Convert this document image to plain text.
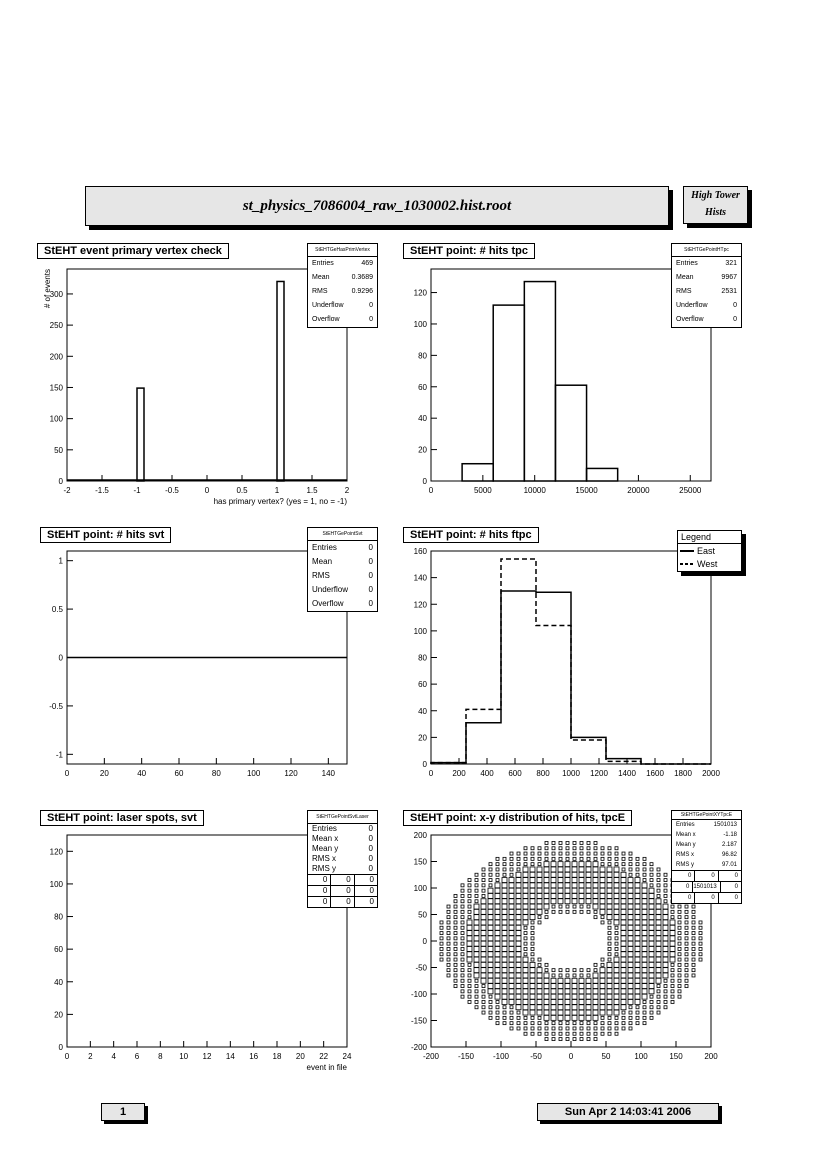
st_physics_7086004_raw_1030002.hist.root
High Tower
Hists
StEHT event primary vertex check
-2	-1.5	-1	-0.5	0	0.5	1	1.5	2
0
50
100
150
200
250
300
has primary vertex? (yes = 1, no = -1)
# of events
0	5000	10000	15000	20000	25000
0
20
40
60
80
100
120
0	20	40	60	80	100	120	140
-1
-0.5
0
0.5
1
0 200 400 600 800 1000 1200 1400 1600 1800 2000
0
20
40
60
80
100
120
140
160
0 2 4 6 8 10 12 14 16 18 20 22 24
0
20
40
60
80
100
120
event in file
-200 -150 -100	-50	0	50	100	150	200
-200
-150
-100
-50
0
50
100
150
200
StEHTGeHasPrimVertex
Entries	469
Mean	0.3689
RMS	0.9296
Underflow	0
Overflow	0
StEHT point: # hits tpc	StEHTGePointHTpc
Entries	321
Mean	9967
RMS	2531
Underflow	0
Overflow	0
StEHT point: # hits svt	StEHTGePointSvt
Entries	0
Mean	0
RMS	0
Underflow	0
Overflow	0
StEHT point: # hits ftpc	Legend
East
West
StEHT point: laser spots, svt	StEHTGePointSvtLaser
Entries	0
Mean x	0
Mean y	0
RMS x	0
RMS y	0
0	0	0
0	0	0
0	0	0
StEHT point: x-y distribution of hits, tpcE	StEHTGePointXYTpcE
Entries	1501013
Mean x	-1.18
Mean y	2.187
RMS x	96.82
RMS y	97.01
0	0	0
0 1501013	0
0	0	0
1	Sun Apr 2 14:03:41 2006
